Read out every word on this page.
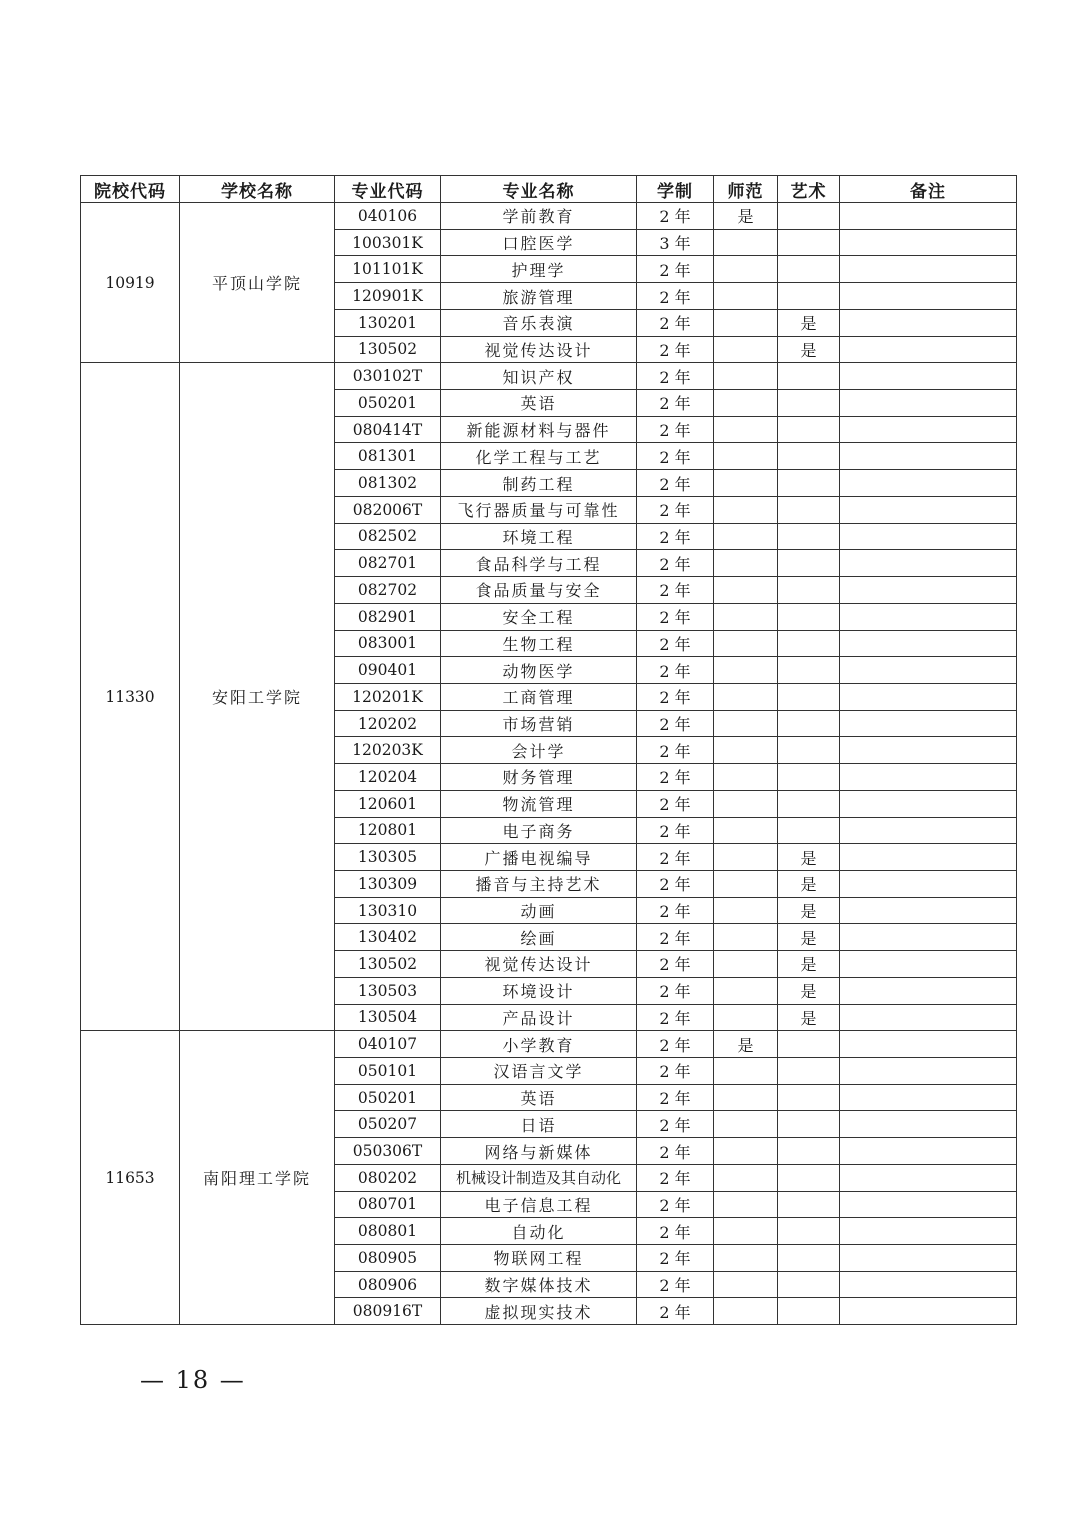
院校代码	学校名称	专业代码	专业名称	学制	师范	艺术	备注
10919	平顶山学院	040106	学前教育	2 年	是		
		100301K	口腔医学	3 年			
		101101K	护理学	2 年			
		120901K	旅游管理	2 年			
		130201	音乐表演	2 年		是	
		130502	视觉传达设计	2 年		是	
11330	安阳工学院	030102T	知识产权	2 年			
		050201	英语	2 年			
		080414T	新能源材料与器件	2 年			
		081301	化学工程与工艺	2 年			
		081302	制药工程	2 年			
		082006T	飞行器质量与可靠性	2 年			
		082502	环境工程	2 年			
		082701	食品科学与工程	2 年			
		082702	食品质量与安全	2 年			
		082901	安全工程	2 年			
		083001	生物工程	2 年			
		090401	动物医学	2 年			
		120201K	工商管理	2 年			
		120202	市场营销	2 年			
		120203K	会计学	2 年			
		120204	财务管理	2 年			
		120601	物流管理	2 年			
		120801	电子商务	2 年			
		130305	广播电视编导	2 年		是	
		130309	播音与主持艺术	2 年		是	
		130310	动画	2 年		是	
		130402	绘画	2 年		是	
		130502	视觉传达设计	2 年		是	
		130503	环境设计	2 年		是	
		130504	产品设计	2 年		是	
11653	南阳理工学院	040107	小学教育	2 年	是		
		050101	汉语言文学	2 年			
		050201	英语	2 年			
		050207	日语	2 年			
		050306T	网络与新媒体	2 年			
		080202	机械设计制造及其自动化	2 年			
		080701	电子信息工程	2 年			
		080801	自动化	2 年			
		080905	物联网工程	2 年			
		080906	数字媒体技术	2 年			
		080916T	虚拟现实技术	2 年			
— 18 —
